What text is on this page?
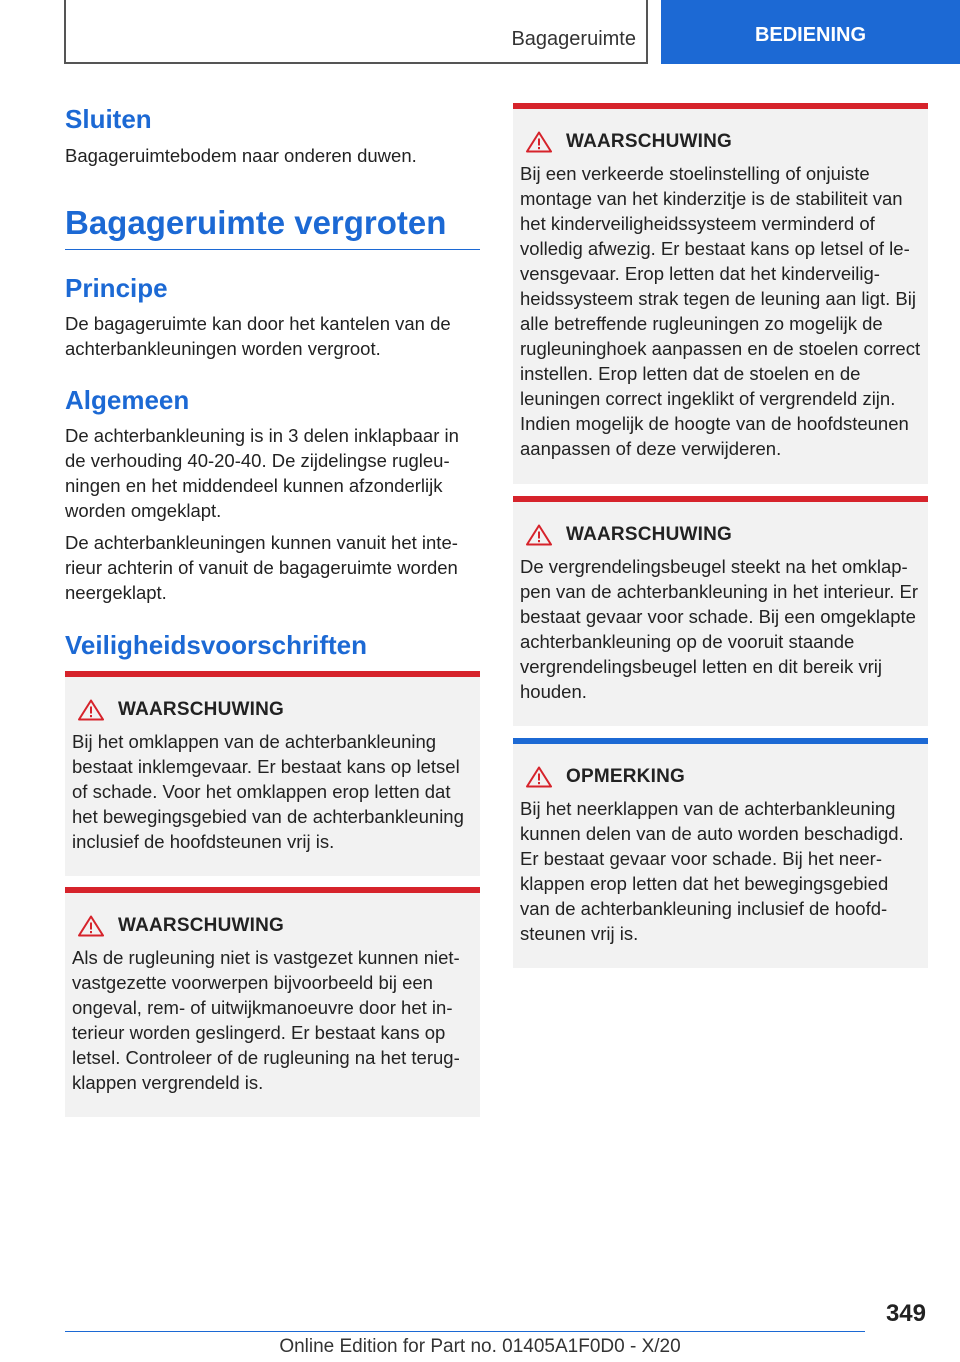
Bagageruimte	BEDIENING
Sluiten

Bagageruimtebodem naar onderen duwen.

Bagageruimte vergroten
Principe

De bagageruimte kan door het kantelen van de achterbankleuningen worden vergroot.

Algemeen

De achterbankleuning is in 3 delen inklapbaar in de verhouding 40-20-40. De zijdelingse rugleuningen en het middendeel kunnen afzonderlijk worden omgeklapt.

De achterbankleuningen kunnen vanuit het interieur achterin of vanuit de bagageruimte worden neergeklapt.

Veiligheidsvoorschriften
WAARSCHUWING

Bij het omklappen van de achterbankleuning bestaat inklemgevaar. Er bestaat kans op letsel of schade. Voor het omklappen erop letten dat het bewegingsgebied van de achterbankleuning inclusief de hoofdsteunen vrij is.

WAARSCHUWING

Als de rugleuning niet is vastgezet kunnen niet-vastgezette voorwerpen bijvoorbeeld bij een ongeval, rem- of uitwijkmanoeuvre door het interieur worden geslingerd. Er bestaat kans op letsel. Controleer of de rugleuning na het terugklappen vergrendeld is.

WAARSCHUWING

Bij een verkeerde stoelinstelling of onjuiste montage van het kinderzitje is de stabiliteit van het kinderveiligheidssysteem verminderd of volledig afwezig. Er bestaat kans op letsel of levensgevaar. Erop letten dat het kinderveiligheidssysteem strak tegen de leuning aan ligt. Bij alle betreffende rugleuningen zo mogelijk de rugleuninghoek aanpassen en de stoelen correct instellen. Erop letten dat de stoelen en de leuningen correct ingeklikt of vergrendeld zijn. Indien mogelijk de hoogte van de hoofdsteunen aanpassen of deze verwijderen.

WAARSCHUWING

De vergrendelingsbeugel steekt na het omklappen van de achterbankleuning in het interieur. Er bestaat gevaar voor schade. Bij een omgeklapte achterbankleuning op de vooruit staande vergrendelingsbeugel letten en dit bereik vrij houden.

OPMERKING

Bij het neerklappen van de achterbankleuning kunnen delen van de auto worden beschadigd. Er bestaat gevaar voor schade. Bij het neerklappen erop letten dat het bewegingsgebied van de achterbankleuning inclusief de hoofdsteunen vrij is.

349
Online Edition for Part no. 01405A1F0D0 - X/20
